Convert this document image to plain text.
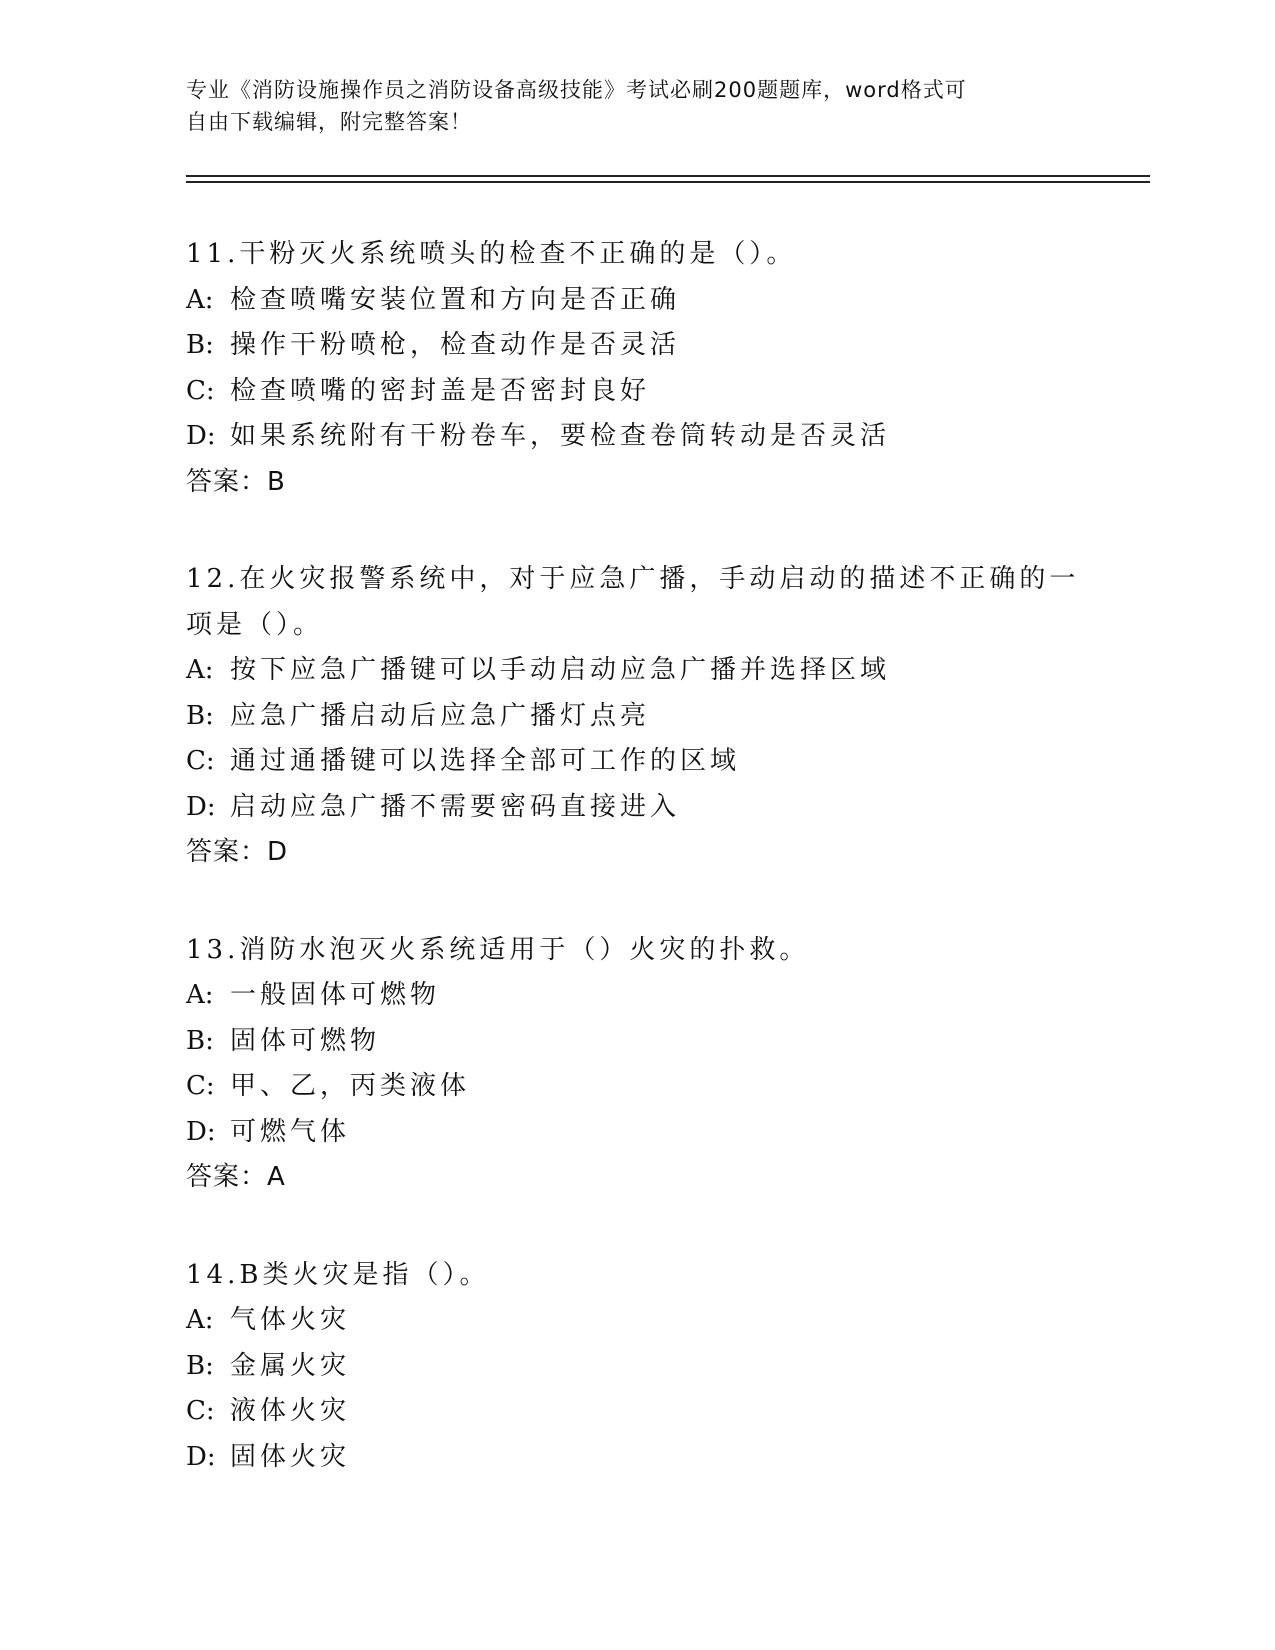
专业《消防设施操作员之消防设备高级技能》考试必刷200题题库，word格式可
自由下载编辑，附完整答案！
11.干粉灭火系统喷头的检查不正确的是（）。
A: 检查喷嘴安装位置和方向是否正确
B: 操作干粉喷枪，检查动作是否灵活
C: 检查喷嘴的密封盖是否密封良好
D: 如果系统附有干粉卷车，要检查卷筒转动是否灵活
答案：B
12.在火灾报警系统中，对于应急广播，手动启动的描述不正确的一项是（）。
A: 按下应急广播键可以手动启动应急广播并选择区域
B: 应急广播启动后应急广播灯点亮
C: 通过通播键可以选择全部可工作的区域
D: 启动应急广播不需要密码直接进入
答案：D
13.消防水泡灭火系统适用于（）火灾的扑救。
A: 一般固体可燃物
B: 固体可燃物
C: 甲、乙，丙类液体
D: 可燃气体
答案：A
14.B类火灾是指（）。
A: 气体火灾
B: 金属火灾
C: 液体火灾
D: 固体火灾
